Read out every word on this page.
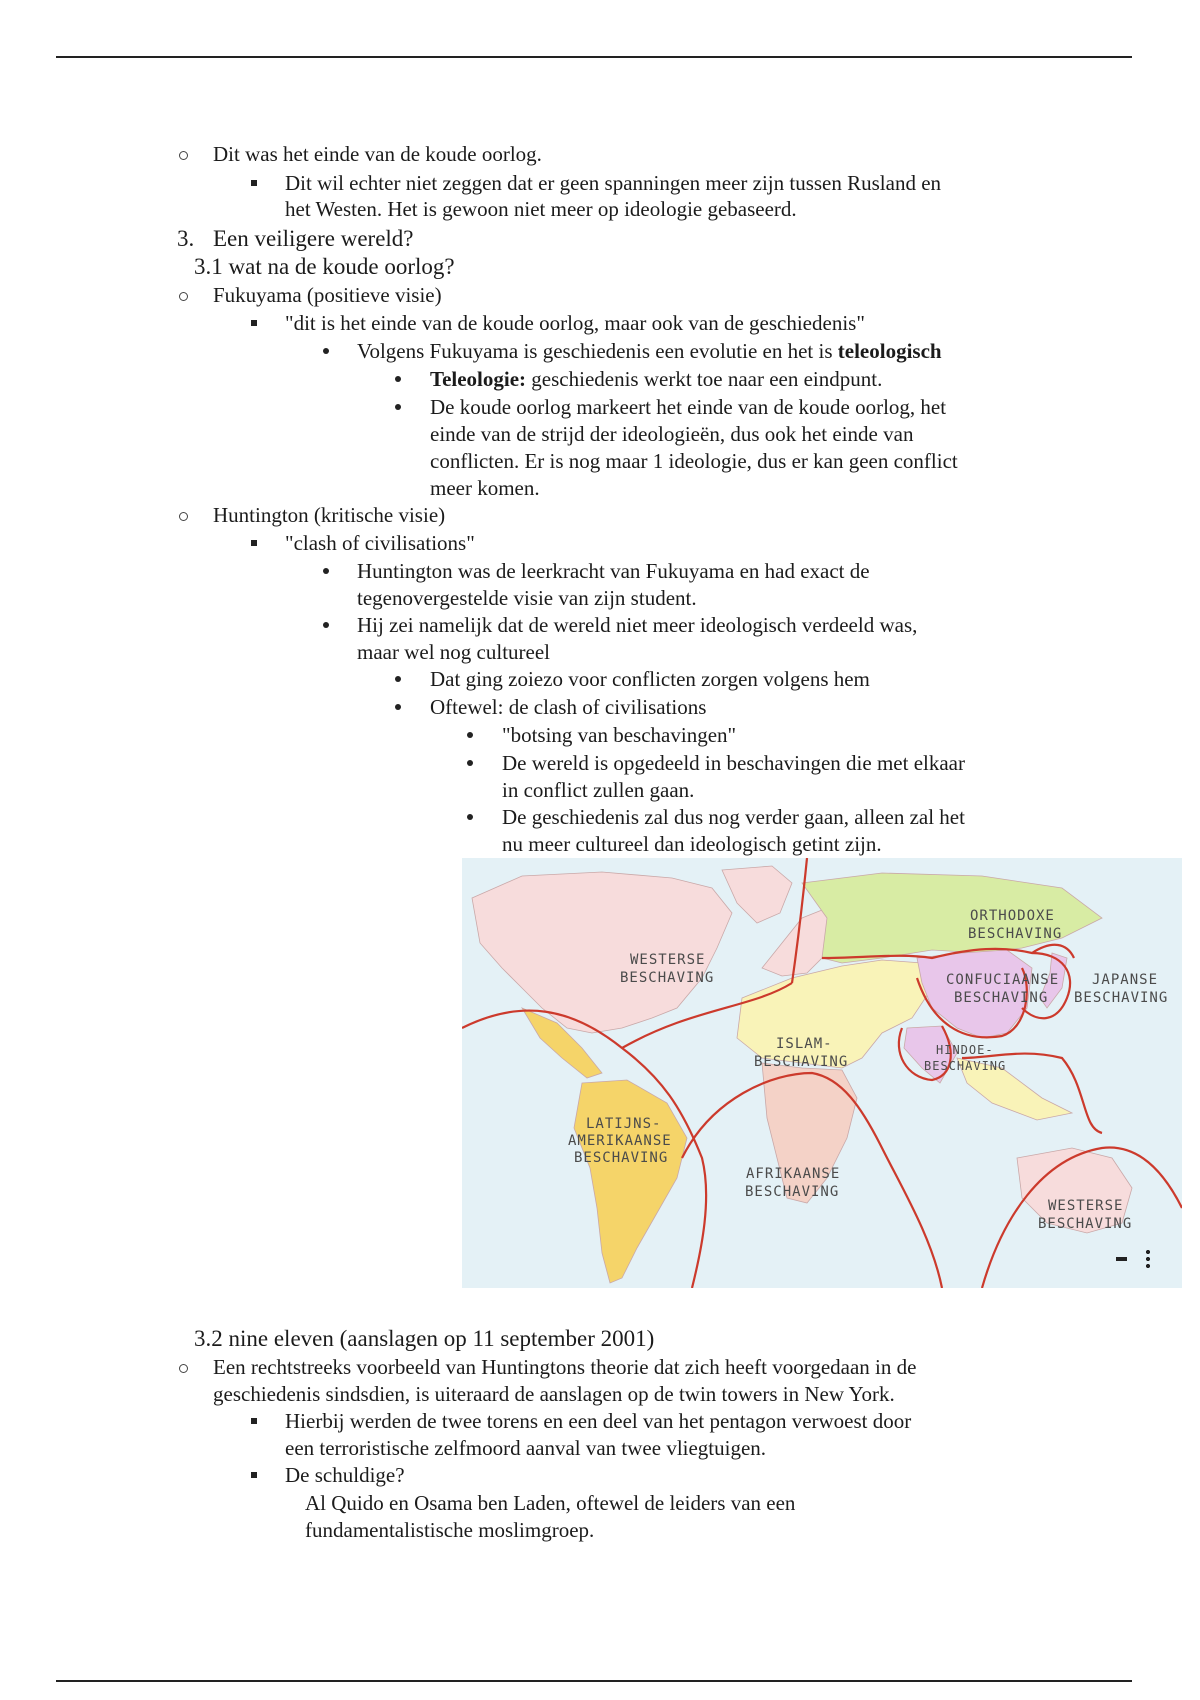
Dit was het einde van de koude oorlog.
Dit wil echter niet zeggen dat er geen spanningen meer zijn tussen Rusland en
het Westen. Het is gewoon niet meer op ideologie gebaseerd.
3. Een veiligere wereld?
3.1 wat na de koude oorlog?
Fukuyama (positieve visie)
"dit is het einde van de koude oorlog, maar ook van de geschiedenis"
Volgens Fukuyama is geschiedenis een evolutie en het is teleologisch
Teleologie: geschiedenis werkt toe naar een eindpunt.
De koude oorlog markeert het einde van de koude oorlog, het
einde van de strijd der ideologieën, dus ook het einde van
conflicten. Er is nog maar 1 ideologie, dus er kan geen conflict
meer komen.
Huntington (kritische visie)
"clash of civilisations"
Huntington was de leerkracht van Fukuyama en had exact de
tegenovergestelde visie van zijn student.
Hij zei namelijk dat de wereld niet meer ideologisch verdeeld was,
maar wel nog cultureel
Dat ging zoiezo voor conflicten zorgen volgens hem
Oftewel: de clash of civilisations
"botsing van beschavingen"
De wereld is opgedeeld in beschavingen die met elkaar
in conflict zullen gaan.
De geschiedenis zal dus nog verder gaan, alleen zal het
nu meer cultureel dan ideologisch getint zijn.
ORTHODOXE
BESCHAVING
WESTERSE
BESCHAVING	CONFUCIAANSE
BESCHAVING
JAPANSE
BESCHAVING
ISLAM-
BESCHAVING
HINDOE-
BESCHAVING
LATIJNS-
AMERIKAANSE
BESCHAVING
AFRIKAANSE
BESCHAVING
WESTERSE
BESCHAVING
3.2 nine eleven (aanslagen op 11 september 2001)
Een rechtstreeks voorbeeld van Huntingtons theorie dat zich heeft voorgedaan in de
geschiedenis sindsdien, is uiteraard de aanslagen op de twin towers in New York.
Hierbij werden de twee torens en een deel van het pentagon verwoest door
een terroristische zelfmoord aanval van twee vliegtuigen.
De schuldige?
Al Quido en Osama ben Laden, oftewel de leiders van een
fundamentalistische moslimgroep.
